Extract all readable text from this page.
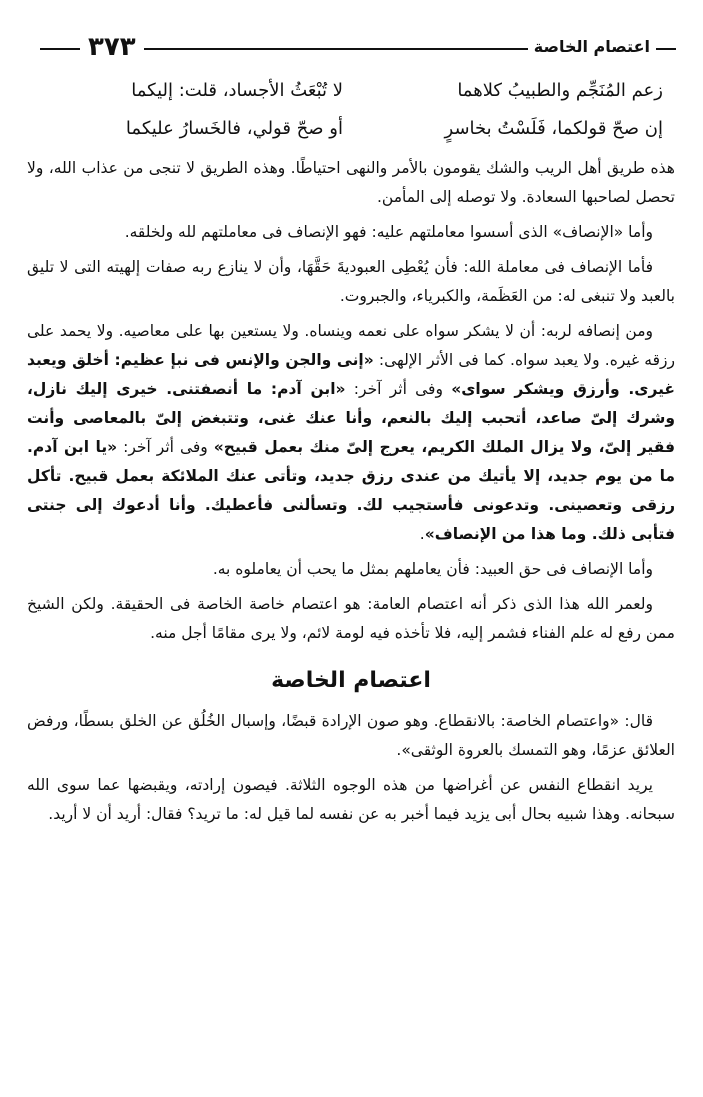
٣٧٣	اعتصام الخاصة
زعم المُنَجِّم والطبيبُ كلاهما
لا تُبْعَثُ الأجساد، قلت: إليكما
إن صحّ قولكما، فَلَسْتُ بخاسرٍ
أو صحّ قولي، فالخَسارُ عليكما

هذه طريق أهل الريب والشك يقومون بالأمر والنهى احتياطًا. وهذه الطريق لا تنجى من عذاب الله، ولا تحصل لصاحبها السعادة. ولا توصله إلى المأمن.

وأما «الإنصاف» الذى أسسوا معاملتهم عليه: فهو الإنصاف فى معاملتهم لله ولخلقه.

فأما الإنصاف فى معاملة الله: فأن يُعْطِى العبوديةَ حَقَّهَا، وأن لا ينازع ربه صفات إلهيته التى لا تليق بالعبد ولا تنبغى له: من العَظَمة، والكبرياء، والجبروت.

ومن إنصافه لربه: أن لا يشكر سواه على نعمه وينساه. ولا يستعين بها على معاصيه. ولا يحمد على رزقه غيره. ولا يعبد سواه. كما فى الأثر الإلهى: «إنى والجن والإنس فى نبإ عظيم: أخلق ويعبد غيرى. وأرزق ويشكر سواى» وفى أثر آخر: «ابن آدم: ما أنصفتنى. خيرى إليك نازل، وشرك إلىّ صاعد، أتحبب إليك بالنعم، وأنا عنك غنى، وتتبغض إلىّ بالمعاصى وأنت فقير إلىّ، ولا يزال الملك الكريم، يعرج إلىّ منك بعمل قبيح» وفى أثر آخر: «يا ابن آدم. ما من يوم جديد، إلا يأتيك من عندى رزق جديد، وتأتى عنك الملائكة بعمل قبيح. تأكل رزقى وتعصينى. وتدعونى فأستجيب لك. وتسألنى فأعطيك. وأنا أدعوك إلى جنتى فتأبى ذلك. وما هذا من الإنصاف».

وأما الإنصاف فى حق العبيد: فأن يعاملهم بمثل ما يحب أن يعاملوه به.

ولعمر الله هذا الذى ذكر أنه اعتصام العامة: هو اعتصام خاصة الخاصة فى الحقيقة. ولكن الشيخ ممن رفع له علم الفناء فشمر إليه، فلا تأخذه فيه لومة لائم، ولا يرى مقامًا أجل منه.

اعتصام الخاصة

قال: «واعتصام الخاصة: بالانقطاع. وهو صون الإرادة قبضًا، وإسبال الخُلُق عن الخلق بسطًا، ورفض العلائق عزمًا، وهو التمسك بالعروة الوثقى».

يريد انقطاع النفس عن أغراضها من هذه الوجوه الثلاثة. فيصون إرادته، ويقبضها عما سوى الله سبحانه. وهذا شبيه بحال أبى يزيد فيما أخبر به عن نفسه لما قيل له: ما تريد؟ فقال: أريد أن لا أريد.
